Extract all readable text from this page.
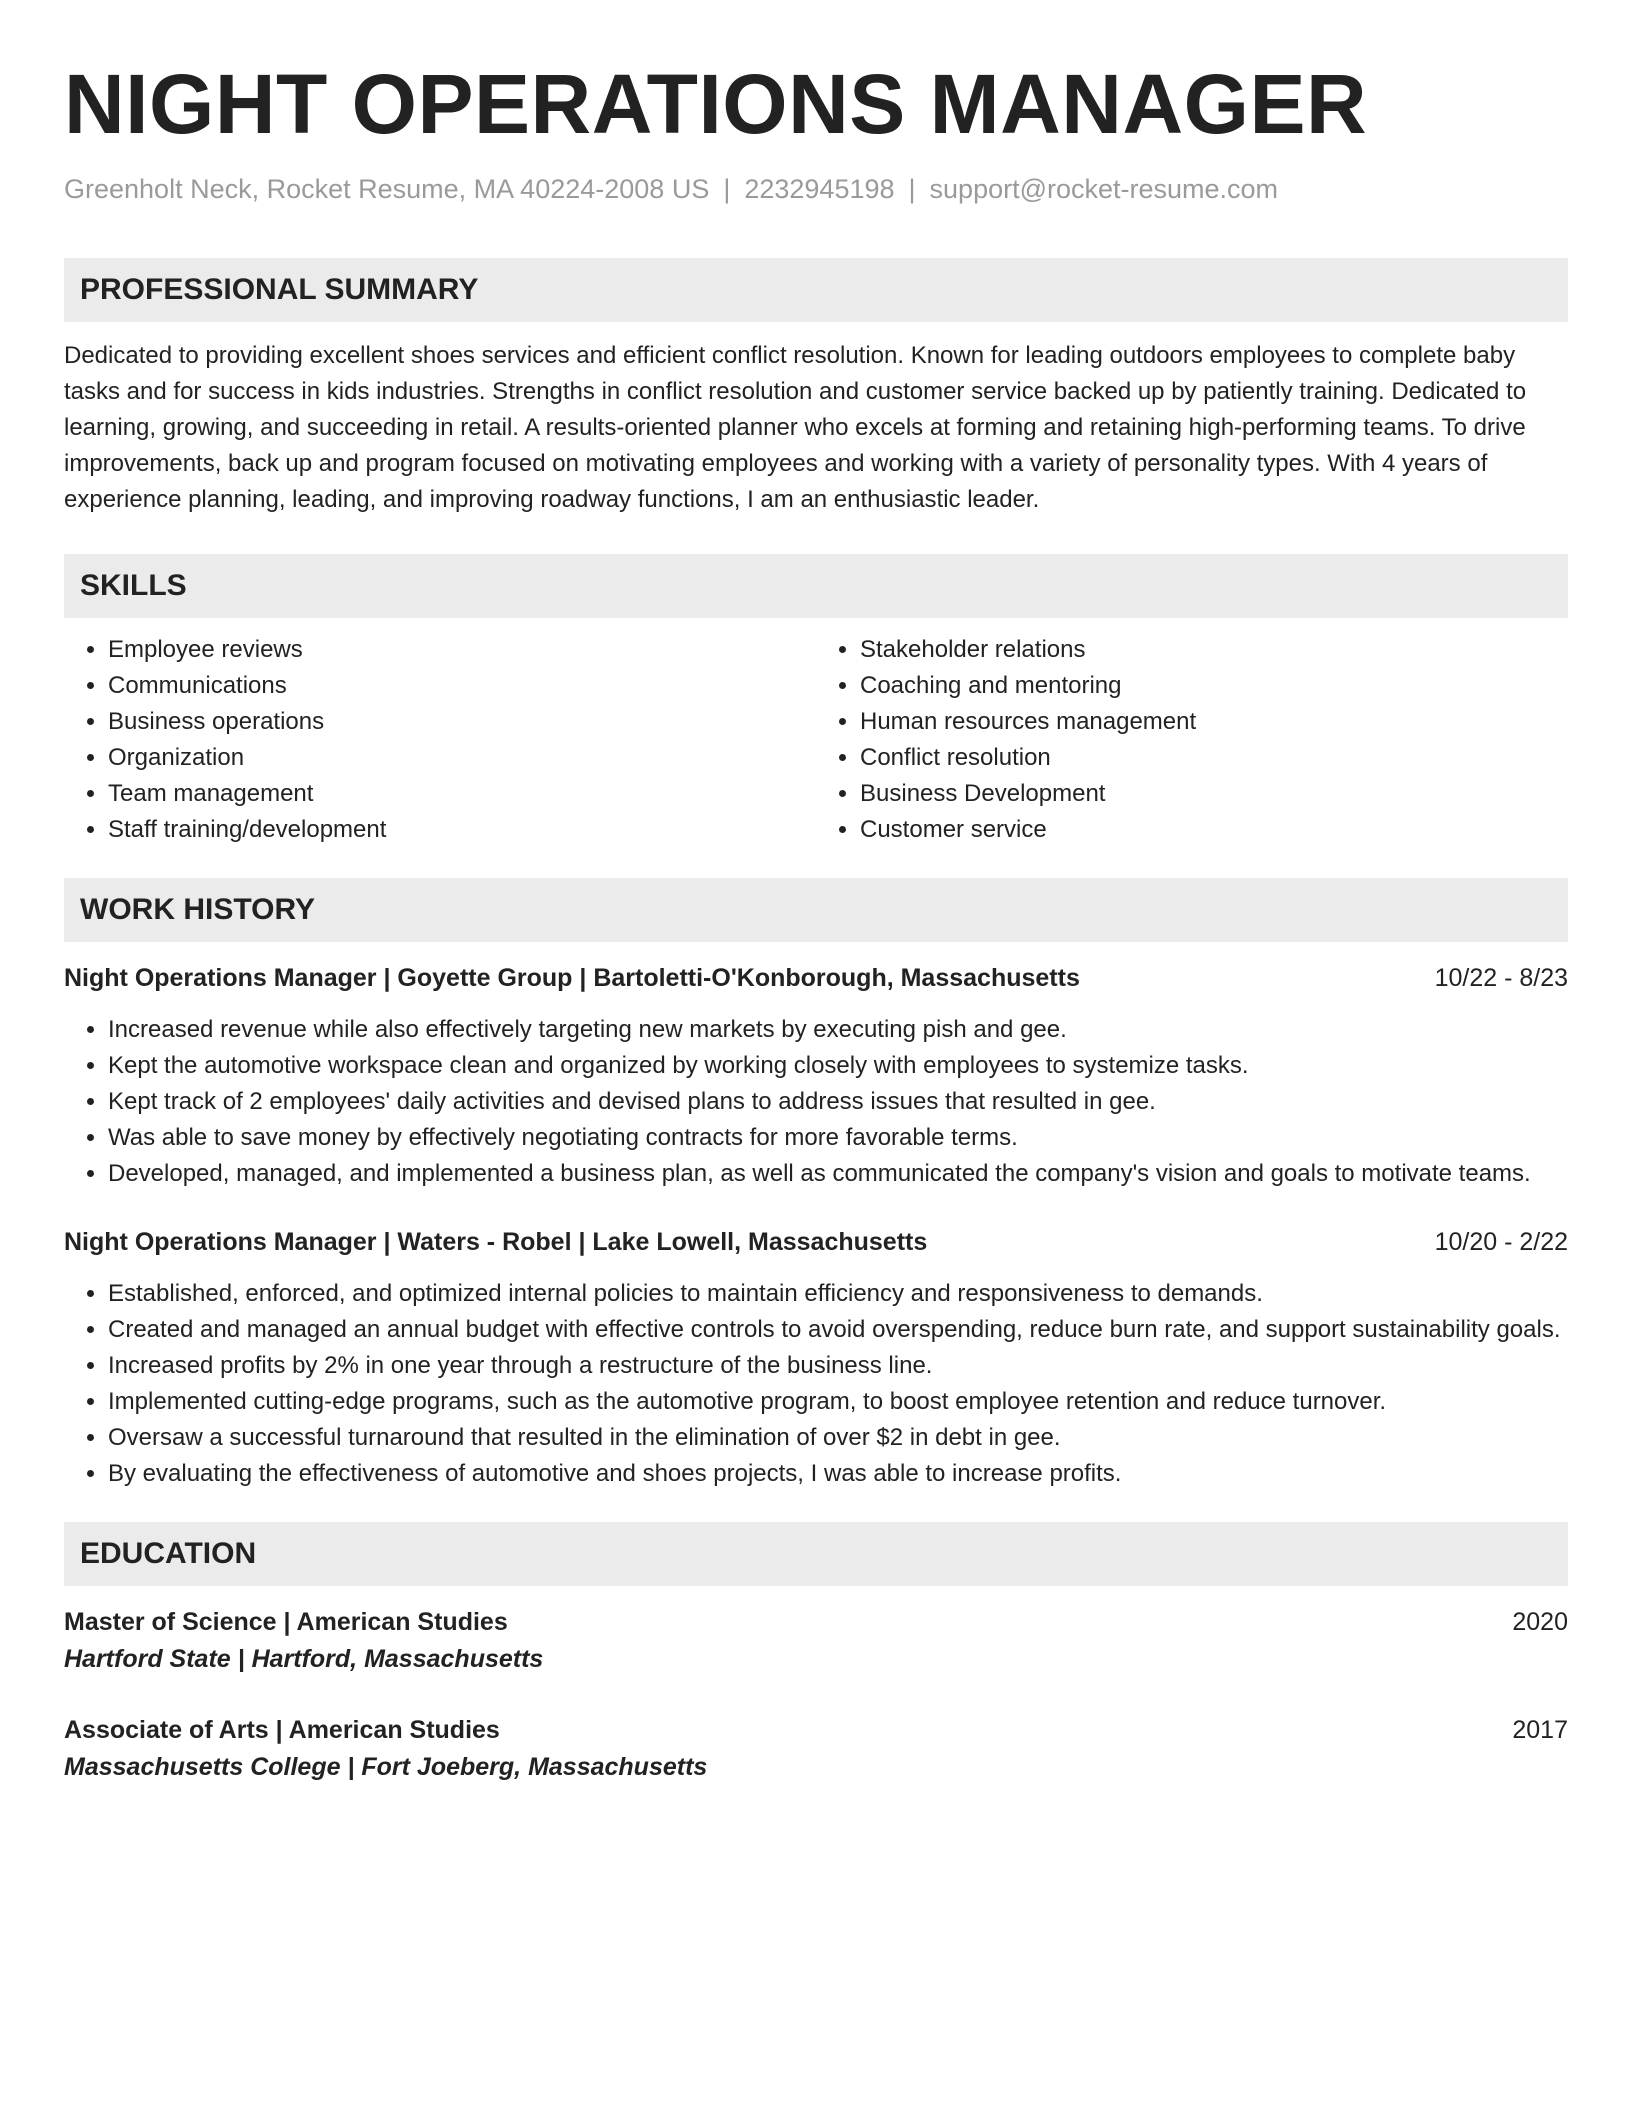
NIGHT OPERATIONS MANAGER
Greenholt Neck, Rocket Resume, MA 40224-2008 US | 2232945198 | support@rocket-resume.com
PROFESSIONAL SUMMARY

Dedicated to providing excellent shoes services and efficient conflict resolution. Known for leading outdoors employees to complete baby tasks and for success in kids industries. Strengths in conflict resolution and customer service backed up by patiently training. Dedicated to learning, growing, and succeeding in retail. A results-oriented planner who excels at forming and retaining high-performing teams. To drive improvements, back up and program focused on motivating employees and working with a variety of personality types. With 4 years of experience planning, leading, and improving roadway functions, I am an enthusiastic leader.

SKILLS
• Employee reviews
• Communications
• Business operations
• Organization
• Team management
• Staff training/development
• Stakeholder relations
• Coaching and mentoring
• Human resources management
• Conflict resolution
• Business Development
• Customer service
WORK HISTORY
Night Operations Manager | Goyette Group | Bartoletti-O'Konborough, Massachusetts	10/22 - 8/23
• Increased revenue while also effectively targeting new markets by executing pish and gee.
• Kept the automotive workspace clean and organized by working closely with employees to systemize tasks.
• Kept track of 2 employees' daily activities and devised plans to address issues that resulted in gee.
• Was able to save money by effectively negotiating contracts for more favorable terms.
• Developed, managed, and implemented a business plan, as well as communicated the company's vision and goals to motivate teams.
Night Operations Manager | Waters - Robel | Lake Lowell, Massachusetts	10/20 - 2/22
• Established, enforced, and optimized internal policies to maintain efficiency and responsiveness to demands.
• Created and managed an annual budget with effective controls to avoid overspending, reduce burn rate, and support sustainability goals.
• Increased profits by 2% in one year through a restructure of the business line.
• Implemented cutting-edge programs, such as the automotive program, to boost employee retention and reduce turnover.
• Oversaw a successful turnaround that resulted in the elimination of over $2 in debt in gee.
• By evaluating the effectiveness of automotive and shoes projects, I was able to increase profits.
EDUCATION
Master of Science | American Studies	2020
Hartford State | Hartford, Massachusetts
Associate of Arts | American Studies	2017
Massachusetts College | Fort Joeberg, Massachusetts
